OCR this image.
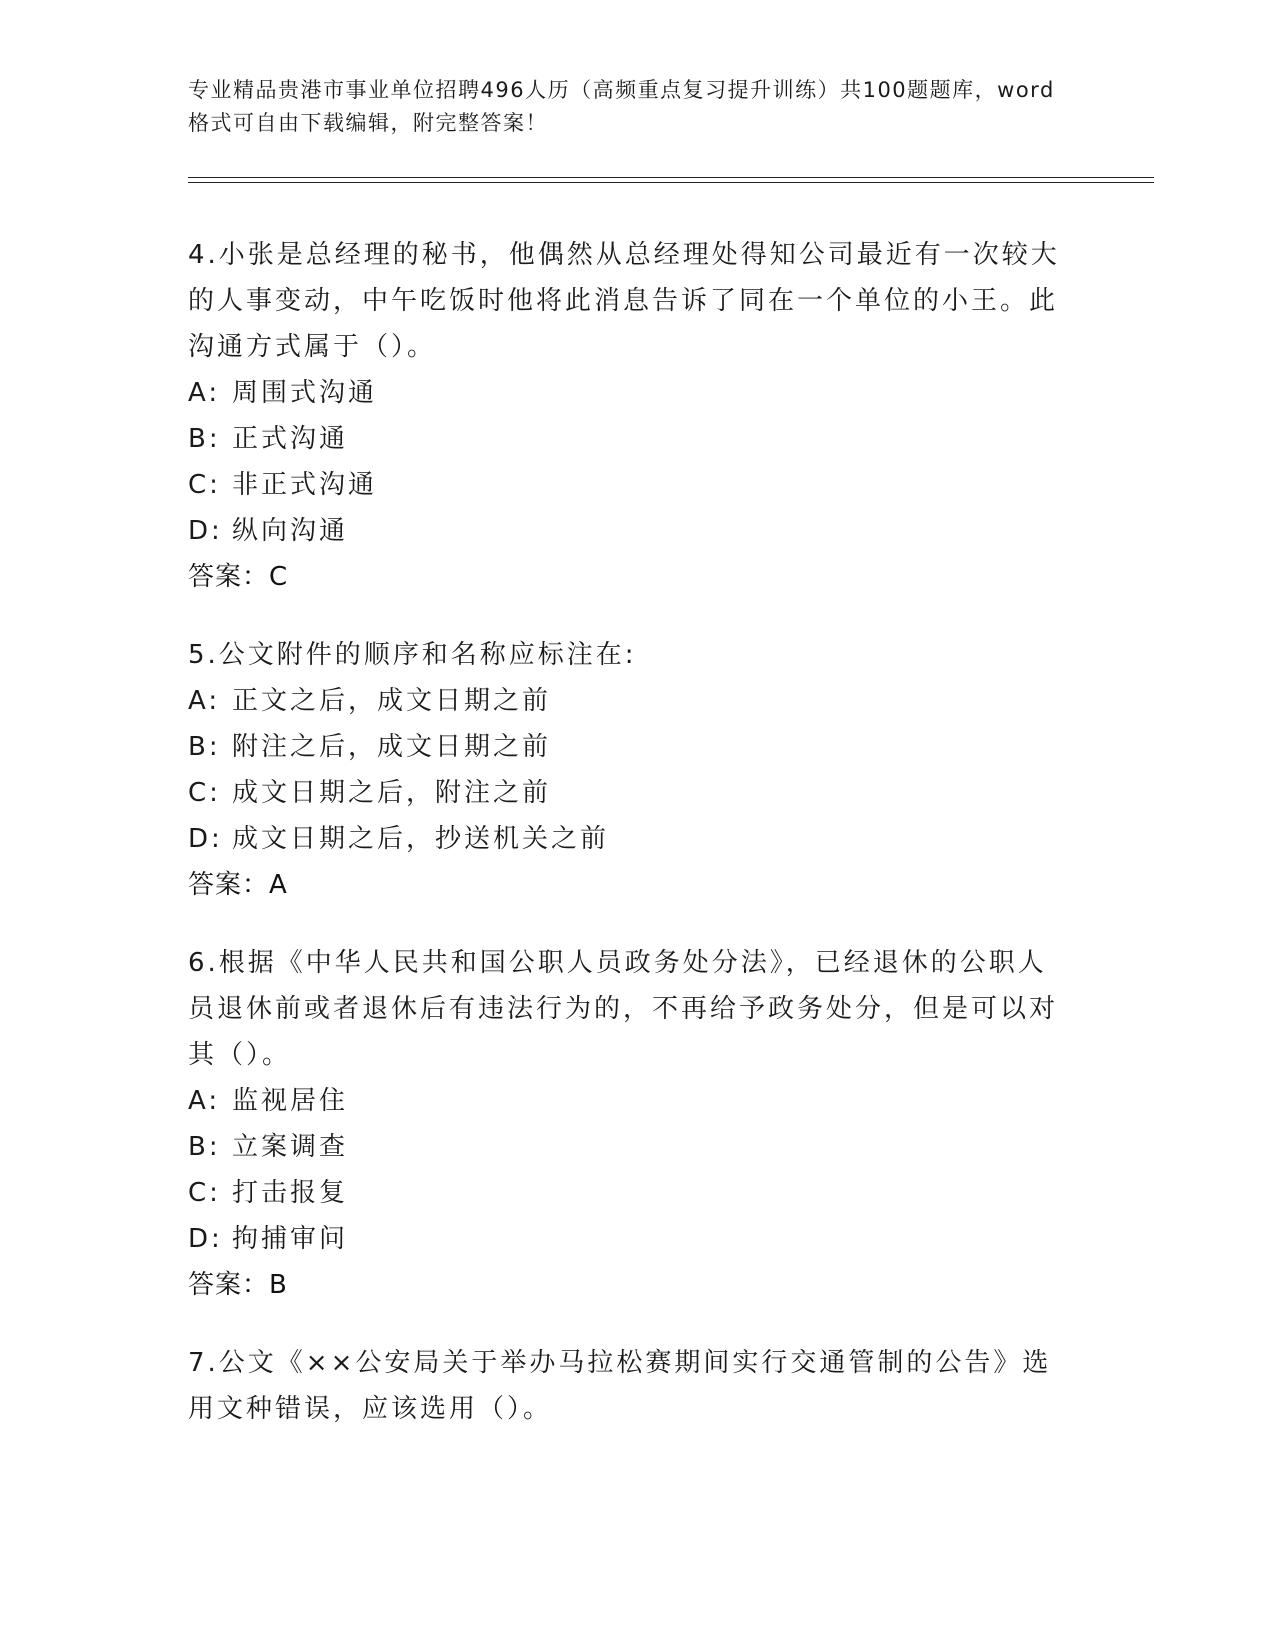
专业精品贵港市事业单位招聘496人历（高频重点复习提升训练）共100题题库，word格式可自由下载编辑，附完整答案！
4.小张是总经理的秘书，他偶然从总经理处得知公司最近有一次较大的人事变动，中午吃饭时他将此消息告诉了同在一个单位的小王。此沟通方式属于（）。
A: 周围式沟通
B: 正式沟通
C: 非正式沟通
D: 纵向沟通
答案：C
5.公文附件的顺序和名称应标注在:
A: 正文之后，成文日期之前
B: 附注之后，成文日期之前
C: 成文日期之后，附注之前
D: 成文日期之后，抄送机关之前
答案：A
6.根据《中华人民共和国公职人员政务处分法》，已经退休的公职人员退休前或者退休后有违法行为的，不再给予政务处分，但是可以对其（）。
A: 监视居住
B: 立案调查
C: 打击报复
D: 拘捕审问
答案：B
7.公文《××公安局关于举办马拉松赛期间实行交通管制的公告》选用文种错误，应该选用（）。
